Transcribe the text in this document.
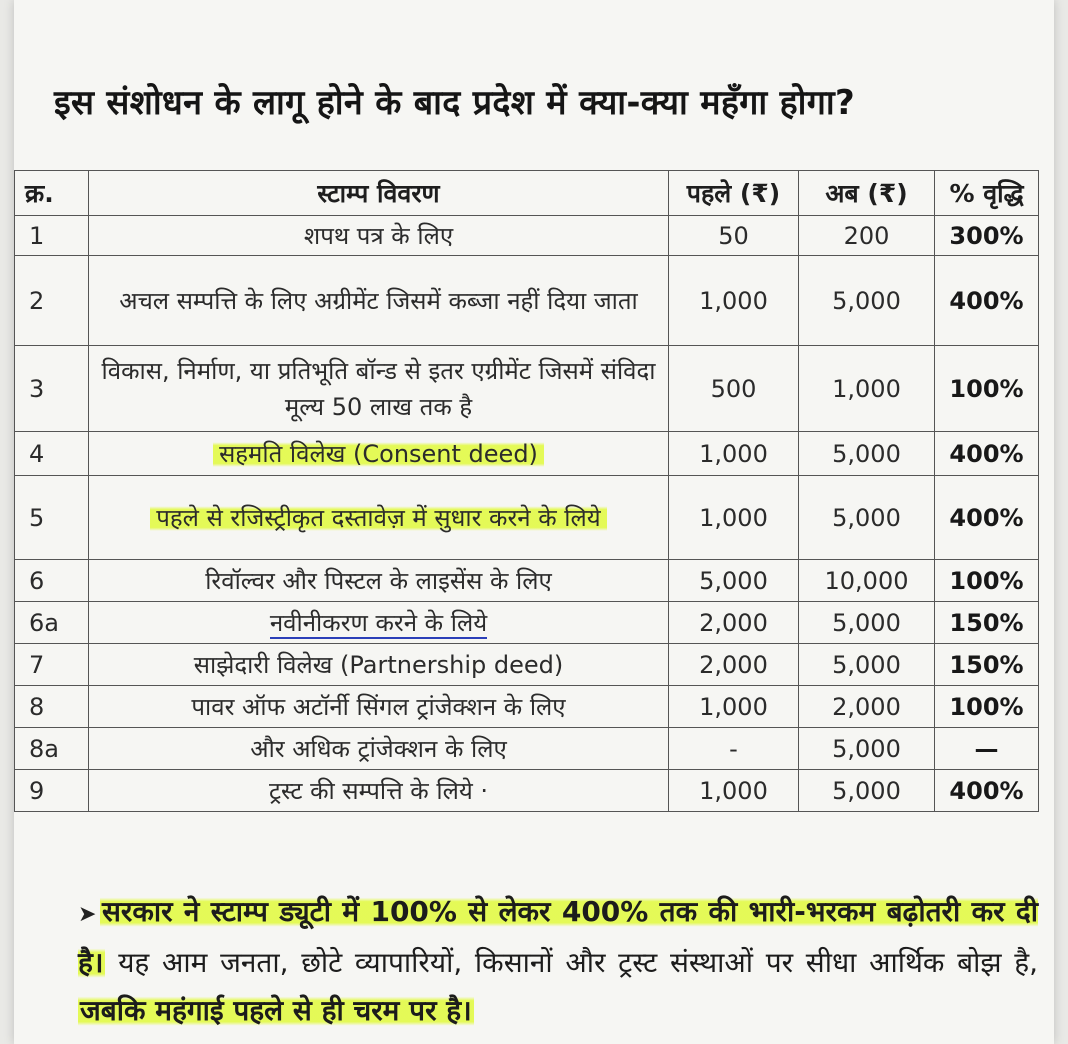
इस संशोधन के लागू होने के बाद प्रदेश में क्या-क्या महँगा होगा?
क्र.	स्टाम्प विवरण	पहले (₹)	अब (₹)	% वृद्धि
1	शपथ पत्र के लिए	50	200	300%
2	अचल सम्पत्ति के लिए अग्रीमेंट जिसमें कब्जा नहीं दिया जाता	1,000	5,000	400%
3	विकास, निर्माण, या प्रतिभूति बॉन्ड से इतर एग्रीमेंट जिसमें संविदा मूल्य 50 लाख तक है	500	1,000	100%
4	सहमति विलेख (Consent deed)	1,000	5,000	400%
5	पहले से रजिस्ट्रीकृत दस्तावेज़ में सुधार करने के लिये	1,000	5,000	400%
6	रिवॉल्वर और पिस्टल के लाइसेंस के लिए	5,000	10,000	100%
6a	नवीनीकरण करने के लिये	2,000	5,000	150%
7	साझेदारी विलेख (Partnership deed)	2,000	5,000	150%
8	पावर ऑफ अटॉर्नी सिंगल ट्रांजेक्शन के लिए	1,000	2,000	100%
8a	और अधिक ट्रांजेक्शन के लिए	-	5,000	—
9	ट्रस्ट की सम्पत्ति के लिये ·	1,000	5,000	400%
➤ सरकार ने स्टाम्प ड्यूटी में 100% से लेकर 400% तक की भारी-भरकम बढ़ोतरी कर दी है। यह आम जनता, छोटे व्यापारियों, किसानों और ट्रस्ट संस्थाओं पर सीधा आर्थिक बोझ है, जबकि महंगाई पहले से ही चरम पर है।
